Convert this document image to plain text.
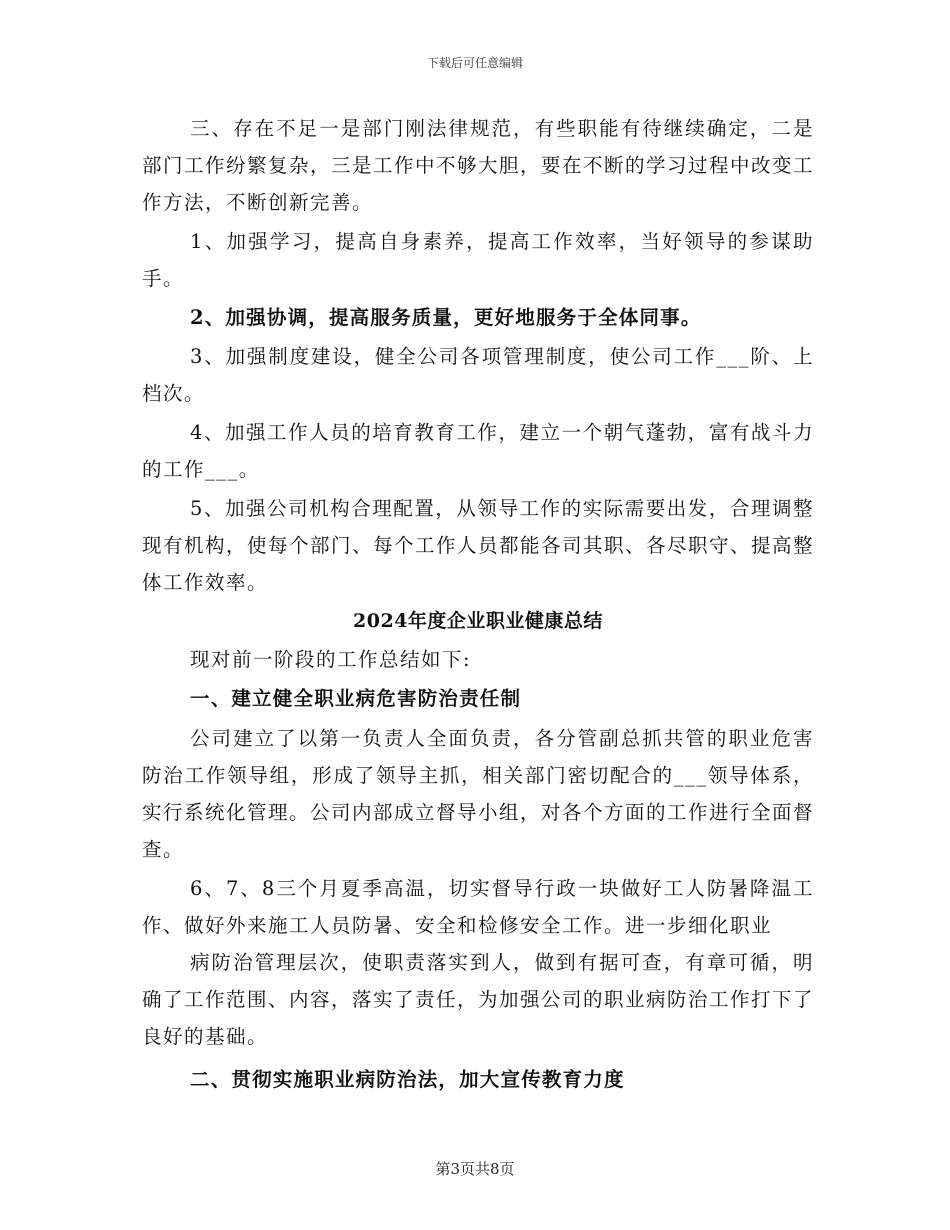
下载后可任意编辑

三、存在不足一是部门刚法律规范，有些职能有待继续确定，二是部门工作纷繁复杂，三是工作中不够大胆，要在不断的学习过程中改变工作方法，不断创新完善。

1、加强学习，提高自身素养，提高工作效率，当好领导的参谋助手。

2、加强协调，提高服务质量，更好地服务于全体同事。

3、加强制度建设，健全公司各项管理制度，使公司工作___阶、上档次。

4、加强工作人员的培育教育工作，建立一个朝气蓬勃，富有战斗力的工作___。

5、加强公司机构合理配置，从领导工作的实际需要出发，合理调整现有机构，使每个部门、每个工作人员都能各司其职、各尽职守、提高整体工作效率。

2024年度企业职业健康总结

现对前一阶段的工作总结如下:

一、建立健全职业病危害防治责任制

公司建立了以第一负责人全面负责，各分管副总抓共管的职业危害防治工作领导组，形成了领导主抓，相关部门密切配合的___领导体系，实行系统化管理。公司内部成立督导小组，对各个方面的工作进行全面督查。

6、7、8三个月夏季高温，切实督导行政一块做好工人防暑降温工作、做好外来施工人员防暑、安全和检修安全工作。进一步细化职业

病防治管理层次，使职责落实到人，做到有据可查，有章可循，明确了工作范围、内容，落实了责任，为加强公司的职业病防治工作打下了良好的基础。

二、贯彻实施职业病防治法，加大宣传教育力度
第3页共8页
